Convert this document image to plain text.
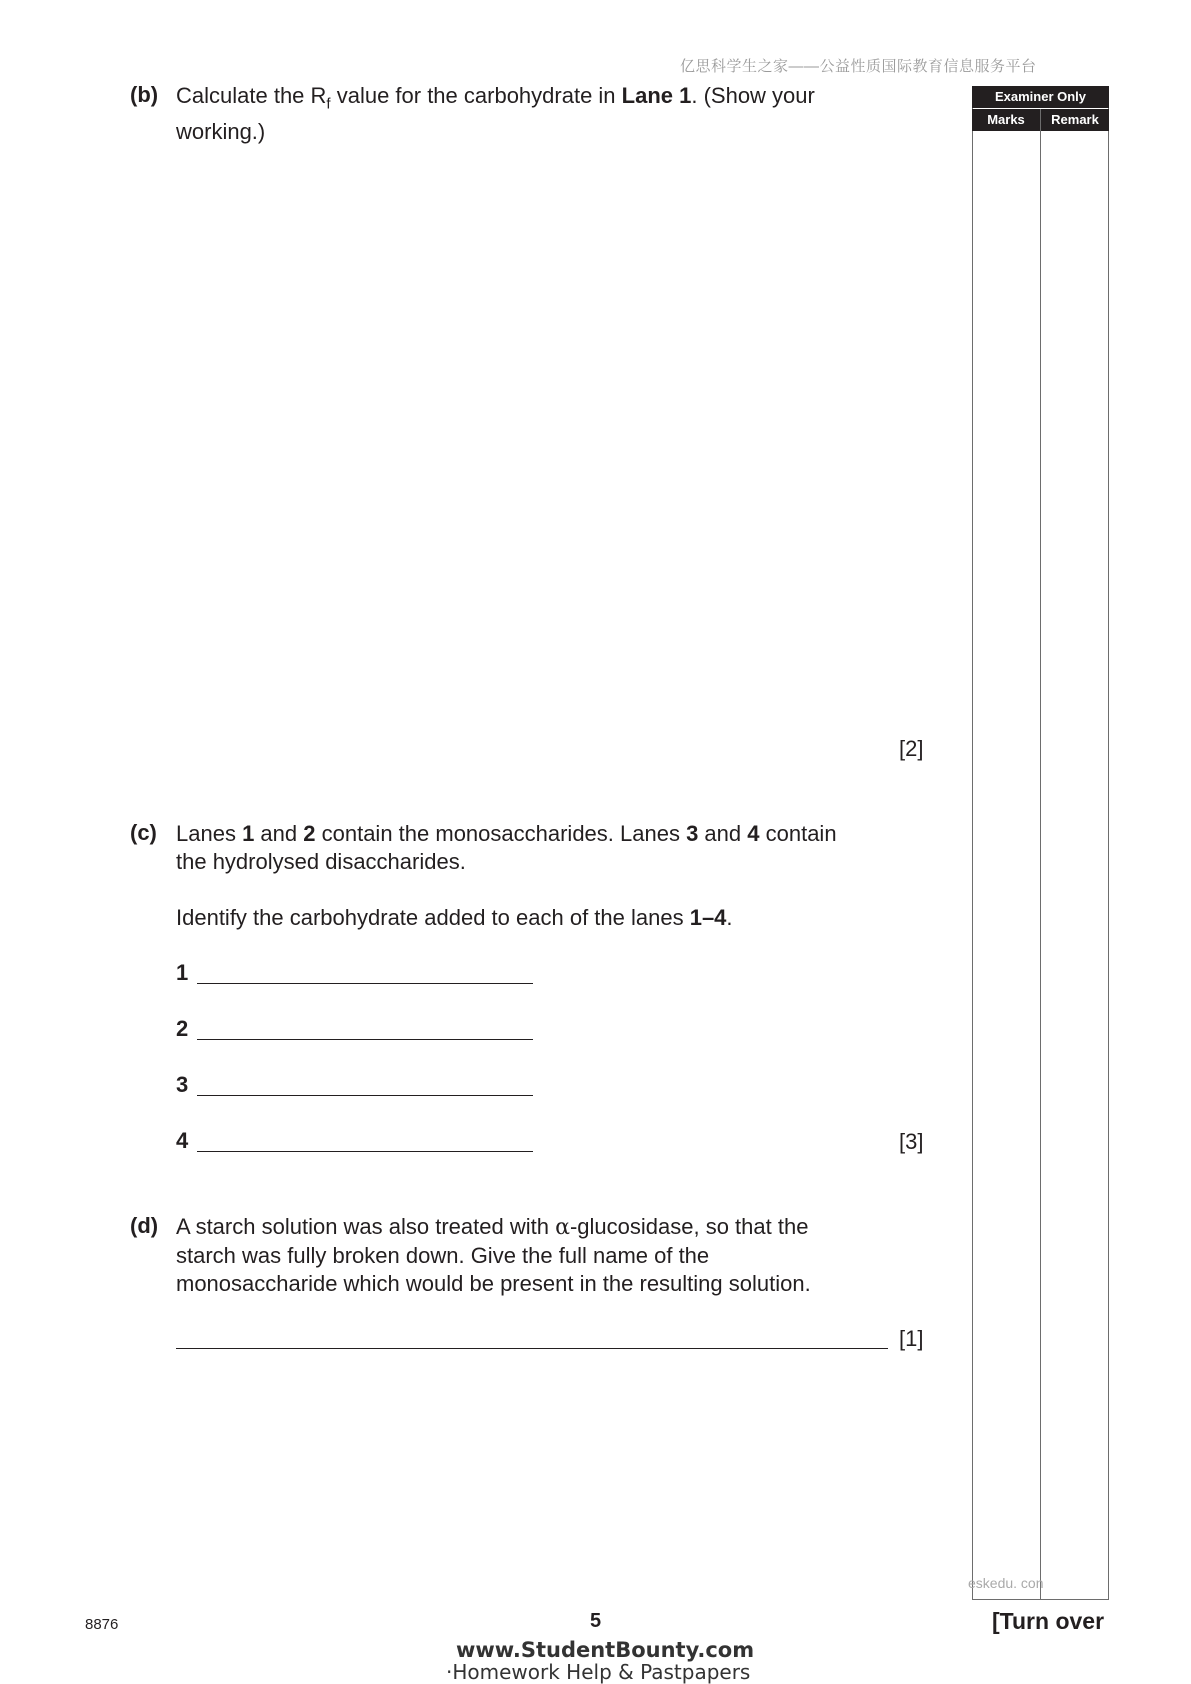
亿思科学生之家——公益性质国际教育信息服务平台
Examiner Only
Marks	Remark
(b) Calculate the $R_f$ value for the carbohydrate in Lane 1. (Show your
working.)
[2]
(c) Lanes 1 and 2 contain the monosaccharides. Lanes 3 and 4 contain
the hydrolysed disaccharides.
Identify the carbohydrate added to each of the lanes 1–4.
1
2
3
4	[3]
(d) A starch solution was also treated with α-glucosidase, so that the
starch was fully broken down. Give the full name of the
monosaccharide which would be present in the resulting solution.
[1]
eskedu. con
8876	5	[Turn over
www.StudentBounty.com
·Homework Help & Pastpapers
